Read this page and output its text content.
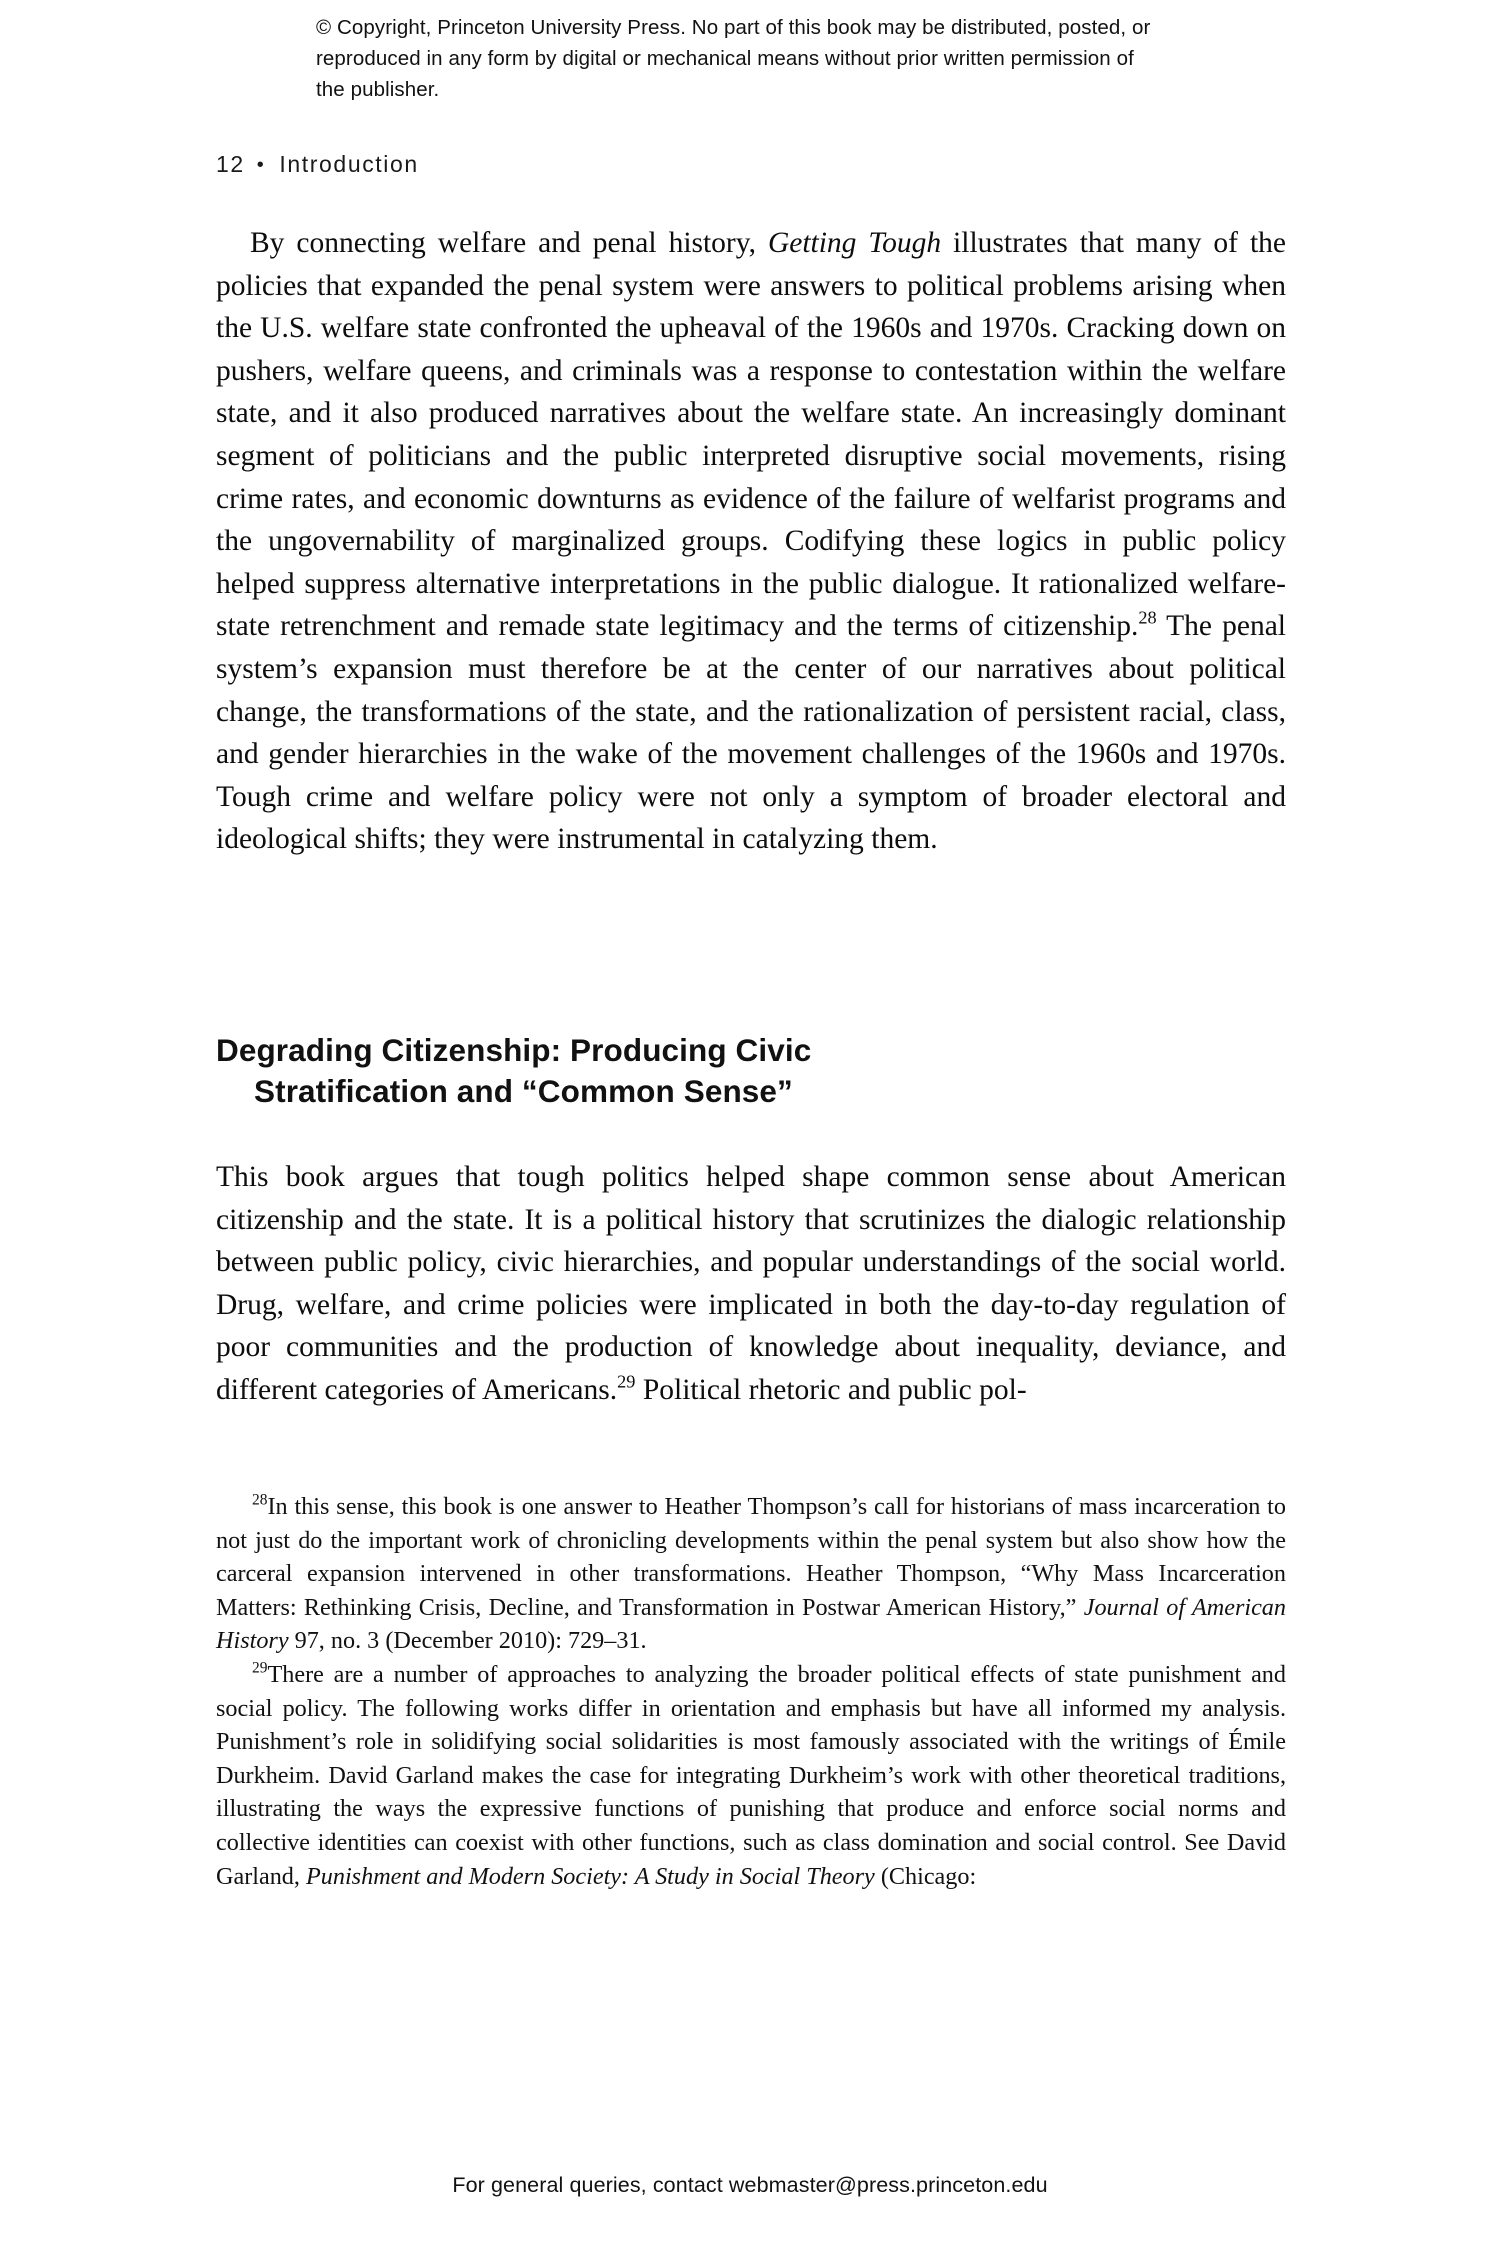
© Copyright, Princeton University Press. No part of this book may be distributed, posted, or reproduced in any form by digital or mechanical means without prior written permission of the publisher.
12 • Introduction

By connecting welfare and penal history, Getting Tough illustrates that many of the policies that expanded the penal system were answers to political problems arising when the U.S. welfare state confronted the upheaval of the 1960s and 1970s. Cracking down on pushers, welfare queens, and criminals was a response to contestation within the welfare state, and it also produced narratives about the welfare state. An increasingly dominant segment of politicians and the public interpreted disruptive social movements, rising crime rates, and economic downturns as evidence of the failure of welfarist programs and the ungovernability of marginalized groups. Codifying these logics in public policy helped suppress alternative interpretations in the public dialogue. It rationalized welfare-state retrenchment and remade state legitimacy and the terms of citizenship.$^{28}$ The penal system’s expansion must therefore be at the center of our narratives about political change, the transformations of the state, and the rationalization of persistent racial, class, and gender hierarchies in the wake of the movement challenges of the 1960s and 1970s. Tough crime and welfare policy were not only a symptom of broader electoral and ideological shifts; they were instrumental in catalyzing them.

Degrading Citizenship: Producing Civic
Stratification and “Common Sense”

This book argues that tough politics helped shape common sense about American citizenship and the state. It is a political history that scrutinizes the dialogic relationship between public policy, civic hierarchies, and popular understandings of the social world. Drug, welfare, and crime policies were implicated in both the day-to-day regulation of poor communities and the production of knowledge about inequality, deviance, and different categories of Americans.$^{29}$ Political rhetoric and public pol-

$^{28}$In this sense, this book is one answer to Heather Thompson’s call for historians of mass incarceration to not just do the important work of chronicling developments within the penal system but also show how the carceral expansion intervened in other transformations. Heather Thompson, “Why Mass Incarceration Matters: Rethinking Crisis, Decline, and Transformation in Postwar American History,” Journal of American History 97, no. 3 (December 2010): 729–31.

$^{29}$There are a number of approaches to analyzing the broader political effects of state punishment and social policy. The following works differ in orientation and emphasis but have all informed my analysis. Punishment’s role in solidifying social solidarities is most famously associated with the writings of Émile Durkheim. David Garland makes the case for integrating Durkheim’s work with other theoretical traditions, illustrating the ways the expressive functions of punishing that produce and enforce social norms and collective identities can coexist with other functions, such as class domination and social control. See David Garland, Punishment and Modern Society: A Study in Social Theory (Chicago:

For general queries, contact webmaster@press.princeton.edu
